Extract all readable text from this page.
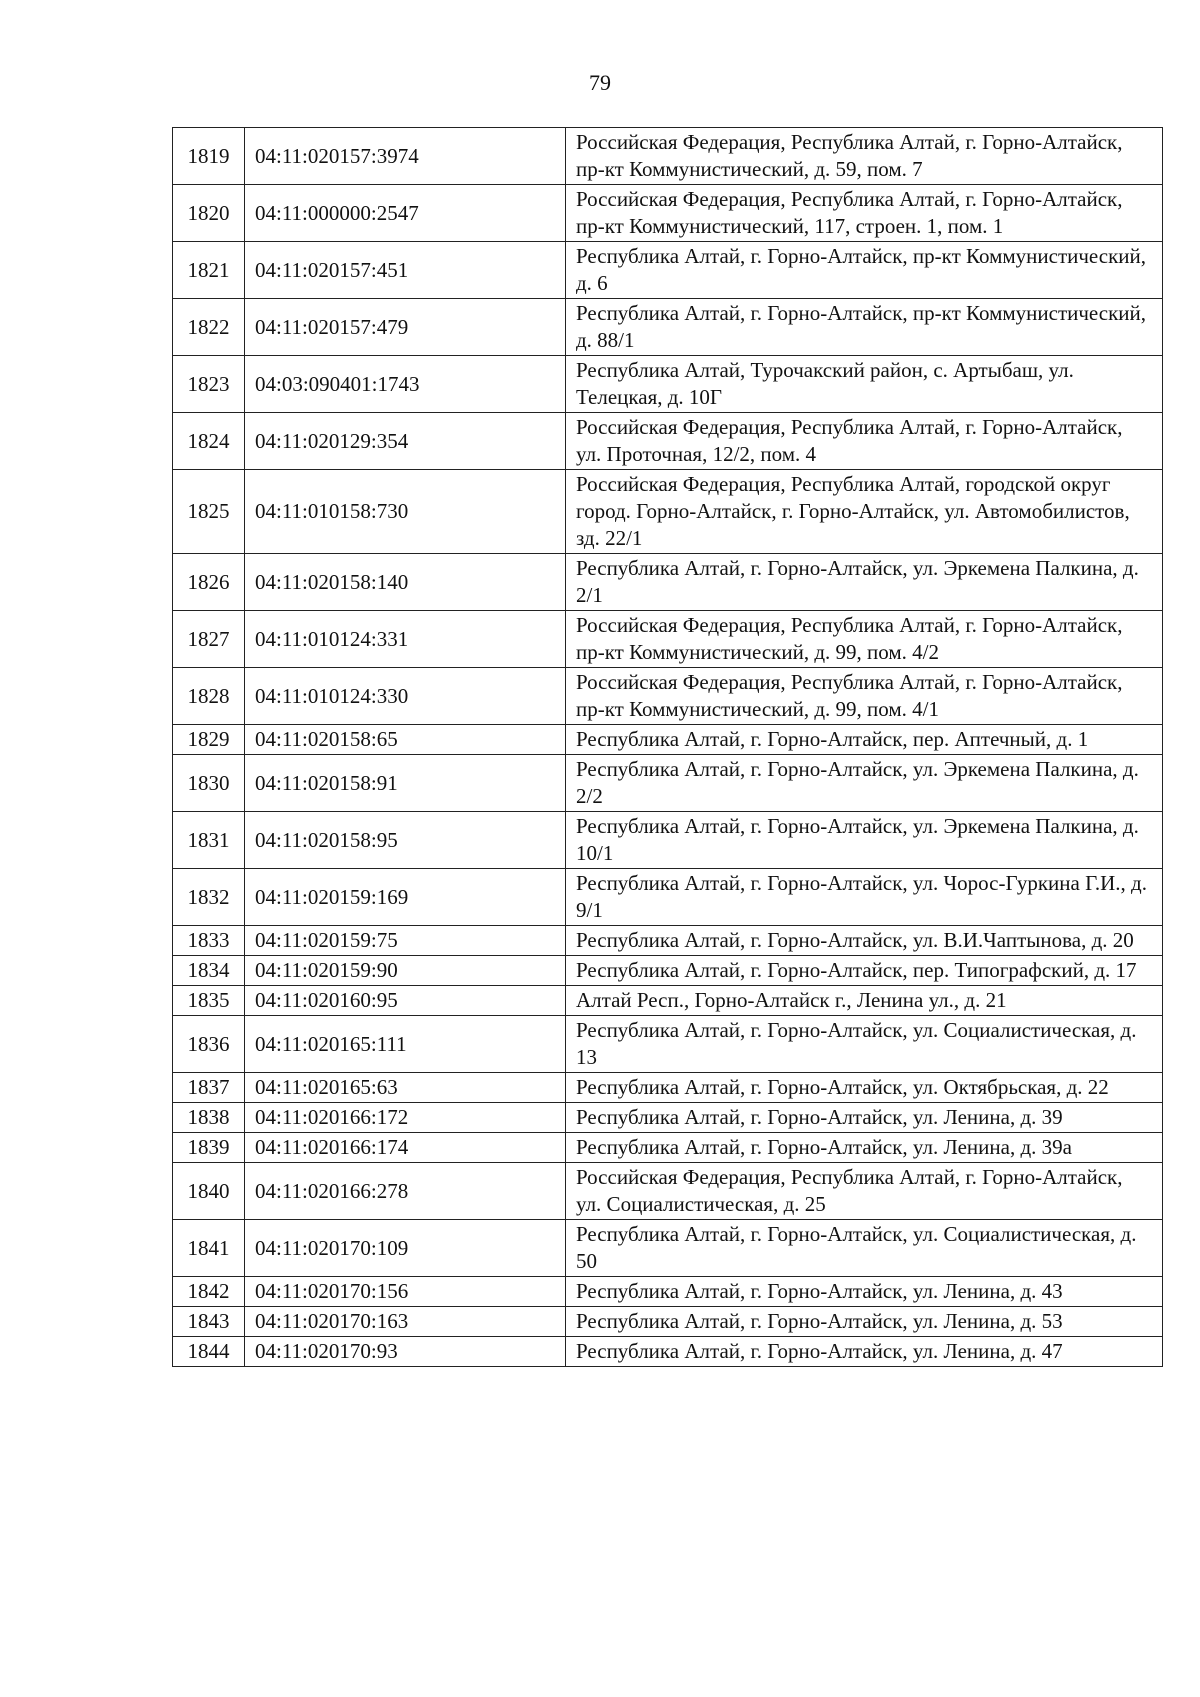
79
1819	04:11:020157:3974	Российская Федерация, Республика Алтай, г. Горно-Алтайск, пр-кт Коммунистический, д. 59, пом. 7
1820	04:11:000000:2547	Российская Федерация, Республика Алтай, г. Горно-Алтайск, пр-кт Коммунистический, 117, строен. 1, пом. 1
1821	04:11:020157:451	Республика Алтай, г. Горно-Алтайск, пр-кт Коммунистический, д. 6
1822	04:11:020157:479	Республика Алтай, г. Горно-Алтайск, пр-кт Коммунистический, д. 88/1
1823	04:03:090401:1743	Республика Алтай, Турочакский район, с. Артыбаш, ул. Телецкая, д. 10Г
1824	04:11:020129:354	Российская Федерация, Республика Алтай, г. Горно-Алтайск, ул. Проточная, 12/2, пом. 4
1825	04:11:010158:730	Российская Федерация, Республика Алтай, городской округ город. Горно-Алтайск, г. Горно-Алтайск, ул. Автомобилистов, зд. 22/1
1826	04:11:020158:140	Республика Алтай, г. Горно-Алтайск, ул. Эркемена Палкина, д. 2/1
1827	04:11:010124:331	Российская Федерация, Республика Алтай, г. Горно-Алтайск, пр-кт Коммунистический, д. 99, пом. 4/2
1828	04:11:010124:330	Российская Федерация, Республика Алтай, г. Горно-Алтайск, пр-кт Коммунистический, д. 99, пом. 4/1
1829	04:11:020158:65	Республика Алтай, г. Горно-Алтайск, пер. Аптечный, д. 1
1830	04:11:020158:91	Республика Алтай, г. Горно-Алтайск, ул. Эркемена Палкина, д. 2/2
1831	04:11:020158:95	Республика Алтай, г. Горно-Алтайск, ул. Эркемена Палкина, д. 10/1
1832	04:11:020159:169	Республика Алтай, г. Горно-Алтайск, ул. Чорос-Гуркина Г.И., д. 9/1
1833	04:11:020159:75	Республика Алтай, г. Горно-Алтайск, ул. В.И.Чаптынова, д. 20
1834	04:11:020159:90	Республика Алтай, г. Горно-Алтайск, пер. Типографский, д. 17
1835	04:11:020160:95	Алтай Респ., Горно-Алтайск г., Ленина ул., д. 21
1836	04:11:020165:111	Республика Алтай, г. Горно-Алтайск, ул. Социалистическая, д. 13
1837	04:11:020165:63	Республика Алтай, г. Горно-Алтайск, ул. Октябрьская, д. 22
1838	04:11:020166:172	Республика Алтай, г. Горно-Алтайск, ул. Ленина, д. 39
1839	04:11:020166:174	Республика Алтай, г. Горно-Алтайск, ул. Ленина, д. 39а
1840	04:11:020166:278	Российская Федерация, Республика Алтай, г. Горно-Алтайск, ул. Социалистическая, д. 25
1841	04:11:020170:109	Республика Алтай, г. Горно-Алтайск, ул. Социалистическая, д. 50
1842	04:11:020170:156	Республика Алтай, г. Горно-Алтайск, ул. Ленина, д. 43
1843	04:11:020170:163	Республика Алтай, г. Горно-Алтайск, ул. Ленина, д. 53
1844	04:11:020170:93	Республика Алтай, г. Горно-Алтайск, ул. Ленина, д. 47
